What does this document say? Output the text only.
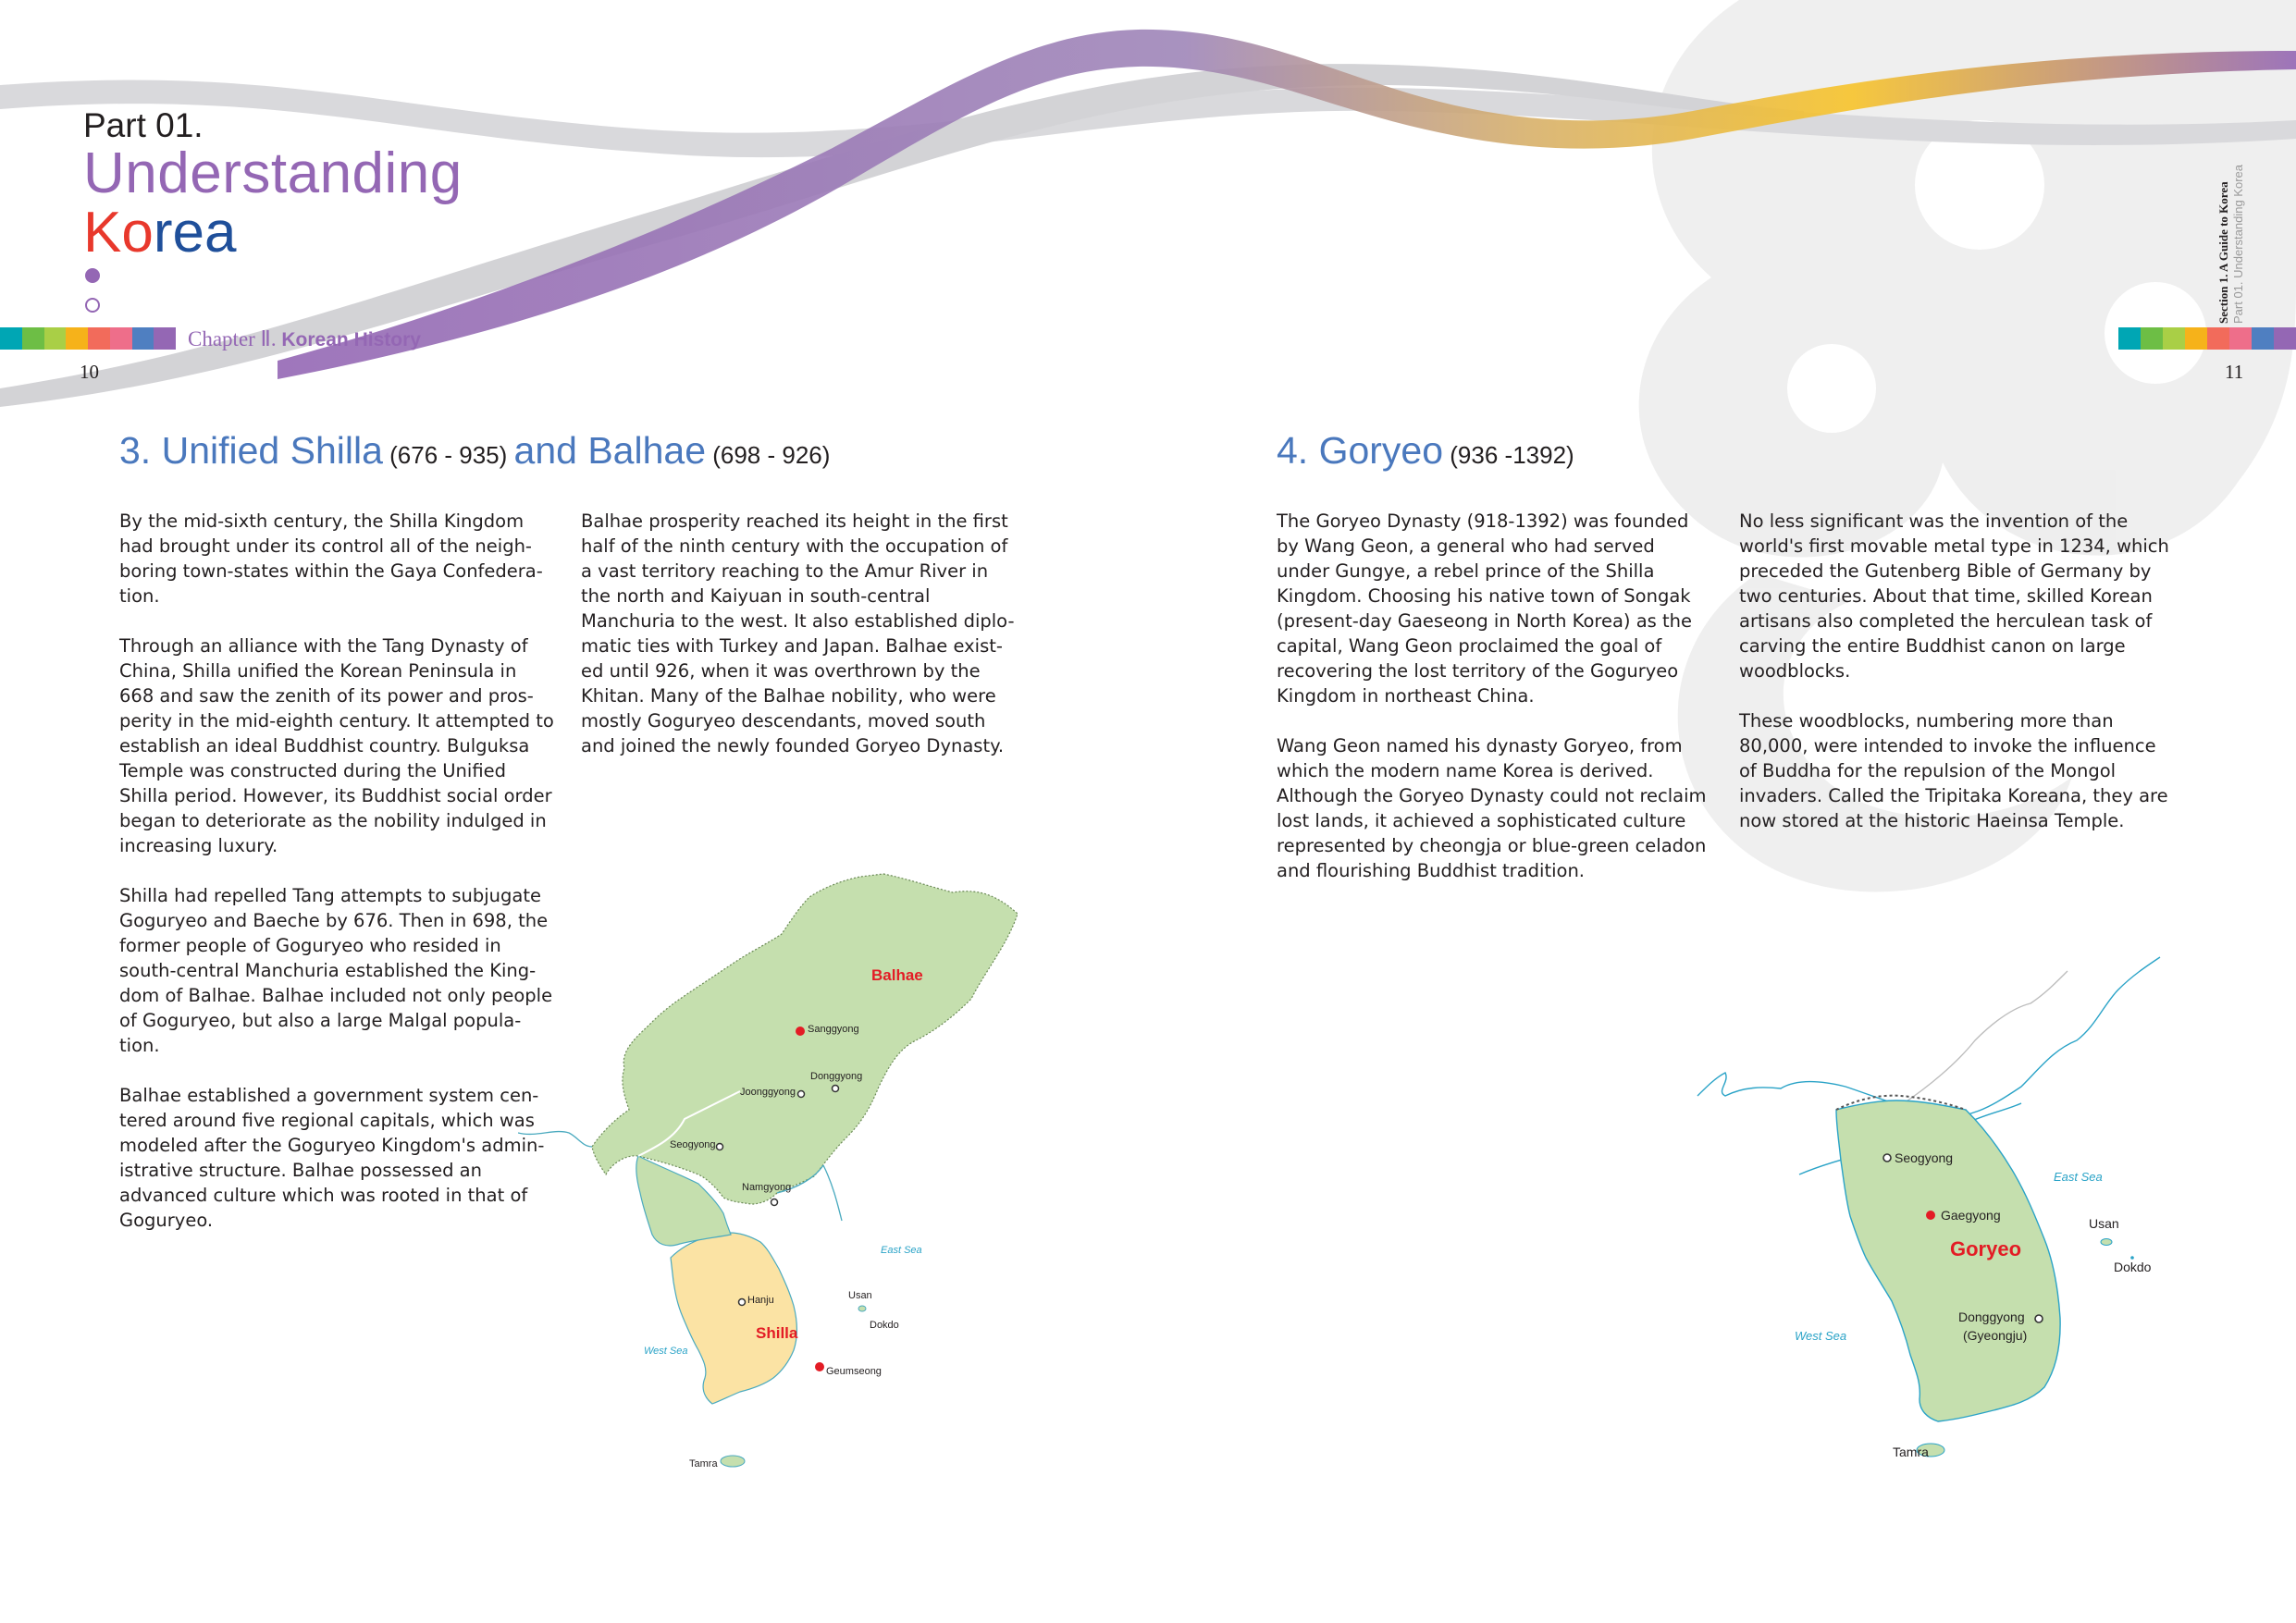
Part 01.
Understanding
Korea
Chapter Ⅱ. Korean History
10	11
Section 1. A Guide to Korea Part 01. Understanding Korea
3. Unified Shilla (676 - 935) and Balhae (698 - 926)

By the mid-sixth century, the Shilla Kingdom had brought under its control all of the neigh-boring town-states within the Gaya Confedera-tion.

Through an alliance with the Tang Dynasty of China, Shilla unified the Korean Peninsula in 668 and saw the zenith of its power and pros-perity in the mid-eighth century. It attempted to establish an ideal Buddhist country. Bulguksa Temple was constructed during the Unified Shilla period. However, its Buddhist social order began to deteriorate as the nobility indulged in increasing luxury.

Shilla had repelled Tang attempts to subjugate Goguryeo and Baeche by 676. Then in 698, the former people of Goguryeo who resided in south-central Manchuria established the King-dom of Balhae. Balhae included not only people of Goguryeo, but also a large Malgal popula-tion.

Balhae established a government system cen-tered around five regional capitals, which was modeled after the Goguryeo Kingdom's admin-istrative structure. Balhae possessed an advanced culture which was rooted in that of Goguryeo.

Balhae prosperity reached its height in the first half of the ninth century with the occupation of a vast territory reaching to the Amur River in the north and Kaiyuan in south-central Manchuria to the west. It also established diplo-matic ties with Turkey and Japan. Balhae exist-ed until 926, when it was overthrown by the Khitan. Many of the Balhae nobility, who were mostly Goguryeo descendants, moved south and joined the newly founded Goryeo Dynasty.

Balhae
Sanggyong
Donggyong
Joonggyong
Seogyong
Namgyong
East Sea
West Sea
Hanju
Shilla
Usan
Dokdo
Geumseong
Tamra
4. Goryeo (936 -1392)

The Goryeo Dynasty (918-1392) was founded by Wang Geon, a general who had served under Gungye, a rebel prince of the Shilla Kingdom. Choosing his native town of Songak (present-day Gaeseong in North Korea) as the capital, Wang Geon proclaimed the goal of recovering the lost territory of the Goguryeo Kingdom in northeast China.

Wang Geon named his dynasty Goryeo, from which the modern name Korea is derived. Although the Goryeo Dynasty could not reclaim lost lands, it achieved a sophisticated culture represented by cheongja or blue-green celadon and flourishing Buddhist tradition.

No less significant was the invention of the world's first movable metal type in 1234, which preceded the Gutenberg Bible of Germany by two centuries. About that time, skilled Korean artisans also completed the herculean task of carving the entire Buddhist canon on large woodblocks.

These woodblocks, numbering more than 80,000, were intended to invoke the influence of Buddha for the repulsion of the Mongol invaders. Called the Tripitaka Koreana, they are now stored at the historic Haeinsa Temple.

Seogyong
Gaegyong
Goryeo
East Sea
West Sea
Usan
Dokdo
Donggyong
(Gyeongju)
Tamra
